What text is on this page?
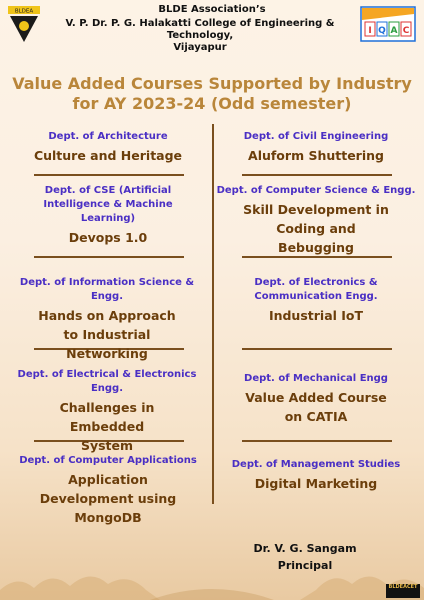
BLDEA	BLDE Association’s
V. P. Dr. P. G. Halakatti College of Engineering & Technology,
Vijayapur
I Q A C
Value Added Courses Supported by Industry
for AY 2023-24 (Odd semester)
Dept. of Architecture
Culture and Heritage
Dept. of Civil Engineering
Aluform Shuttering
Dept. of CSE (Artificial Intelligence & Machine Learning)
Devops 1.0
Dept. of Computer Science & Engg.
Skill Development in Coding and Bebugging
Dept. of Information Science & Engg.
Hands on Approach to Industrial Networking
Dept. of Electronics & Communication Engg.
Industrial IoT
Dept. of Electrical & Electronics Engg.
Challenges in Embedded System
Dept. of Mechanical Engg
Value Added Course on CATIA
Dept. of Computer Applications
Application Development using MongoDB
Dept. of Management Studies
Digital Marketing
Dr. V. G. Sangam
Principal
BLDEACET
